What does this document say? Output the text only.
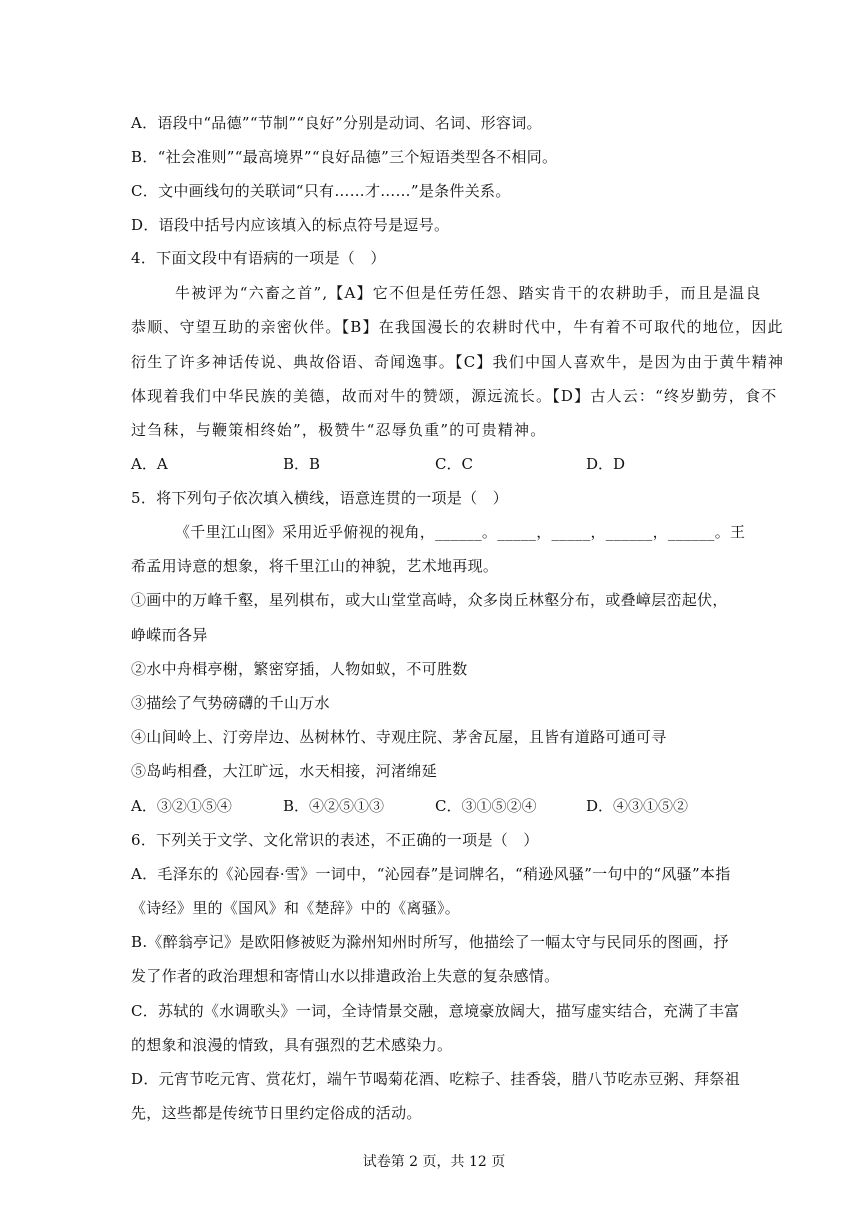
A．语段中“品德”“节制”“良好”分别是动词、名词、形容词。
B．“社会准则”“最高境界”“良好品德”三个短语类型各不相同。
C．文中画线句的关联词“只有……才……”是条件关系。
D．语段中括号内应该填入的标点符号是逗号。
4．下面文段中有语病的一项是（　）
牛被评为“六畜之首”,【A】它不但是任劳任怨、踏实肯干的农耕助手，而且是温良
恭顺、守望互助的亲密伙伴。【B】在我国漫长的农耕时代中，牛有着不可取代的地位，因此
衍生了许多神话传说、典故俗语、奇闻逸事。【C】我们中国人喜欢牛，是因为由于黄牛精神
体现着我们中华民族的美德，故而对牛的赞颂，源远流长。【D】古人云：“终岁勤劳，食不
过刍秣，与鞭策相终始”，极赞牛“忍辱负重”的可贵精神。
A．A	B．B	C．C	D．D
5．将下列句子依次填入横线，语意连贯的一项是（　）
《千里江山图》采用近乎俯视的视角，______。_____，_____，______，______。王
希孟用诗意的想象，将千里江山的神貌，艺术地再现。
①画中的万峰千壑，星列棋布，或大山堂堂高峙，众多岗丘林壑分布，或叠嶂层峦起伏，
峥嵘而各异
②水中舟楫亭榭，繁密穿插，人物如蚁，不可胜数
③描绘了气势磅礴的千山万水
④山间岭上、汀旁岸边、丛树林竹、寺观庄院、茅舍瓦屋，且皆有道路可通可寻
⑤岛屿相叠，大江旷远，水天相接，河渚绵延
A．③②①⑤④	B．④②⑤①③	C．③①⑤②④	D．④③①⑤②
6．下列关于文学、文化常识的表述，不正确的一项是（　）
A．毛泽东的《沁园春·雪》一词中，“沁园春”是词牌名，“稍逊风骚”一句中的“风骚”本指
《诗经》里的《国风》和《楚辞》中的《离骚》。
B.《醉翁亭记》是欧阳修被贬为滁州知州时所写，他描绘了一幅太守与民同乐的图画，抒
发了作者的政治理想和寄情山水以排遣政治上失意的复杂感情。
C．苏轼的《水调歌头》一词，全诗情景交融，意境豪放阔大，描写虚实结合，充满了丰富
的想象和浪漫的情致，具有强烈的艺术感染力。
D．元宵节吃元宵、赏花灯，端午节喝菊花酒、吃粽子、挂香袋，腊八节吃赤豆粥、拜祭祖
先，这些都是传统节日里约定俗成的活动。
试卷第 2 页，共 12 页
